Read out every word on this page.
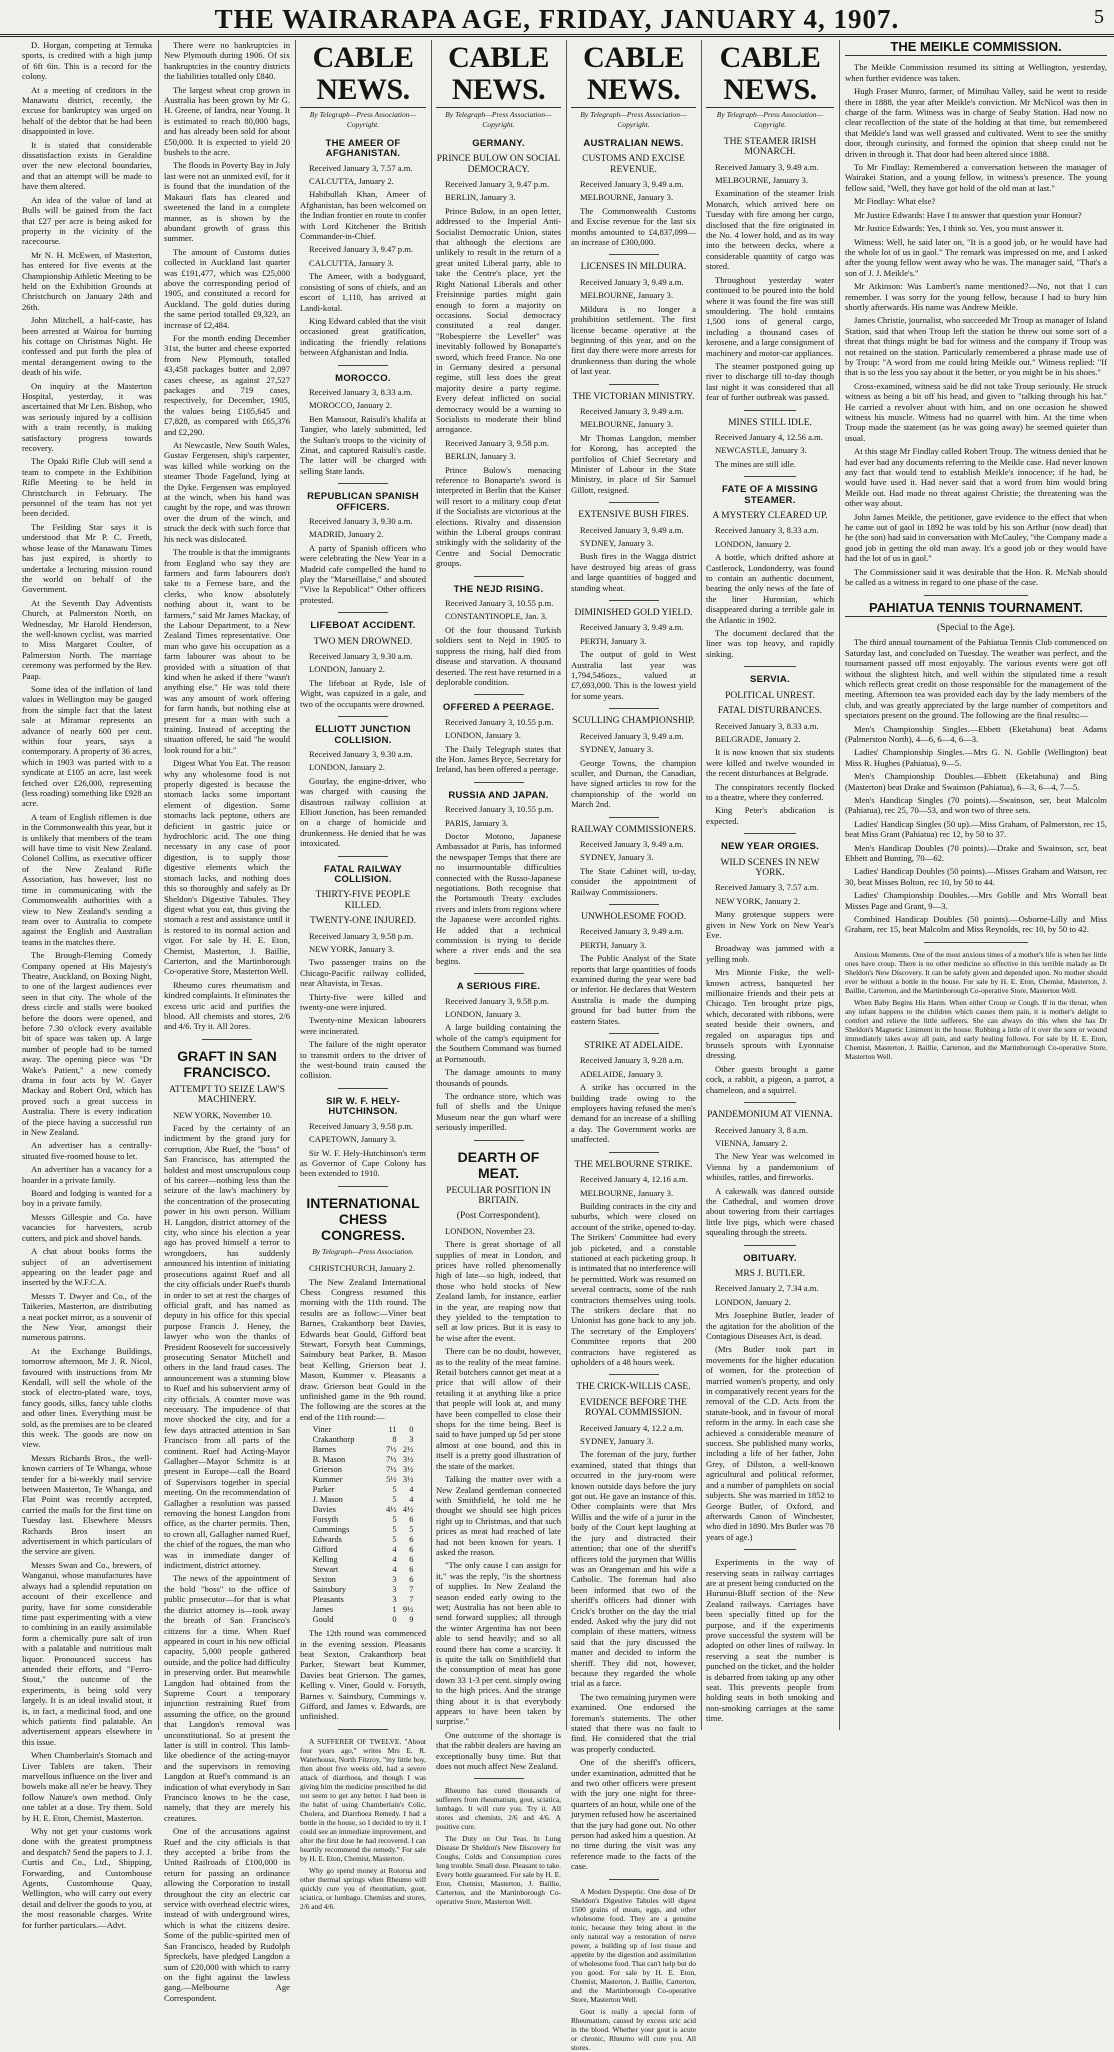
THE WAIRARAPA AGE, FRIDAY, JANUARY 4, 1907.	5

D. Horgan, competing at Temuka sports, is credited with a high jump of 6ft 6in. This is a record for the colony.

At a meeting of creditors in the Manawatu district, recently, the excuse for bankruptcy was urged on behalf of the debtor that he had been disappointed in love.

It is stated that considerable dissatisfaction exists in Geraldine over the new electoral boundaries, and that an attempt will be made to have them altered.

An idea of the value of land at Bulls will be gained from the fact that £27 per acre is being asked for property in the vicinity of the racecourse.

Mr N. H. McEwen, of Masterton, has entered for five events at the Championship Athletic Meeting to be held on the Exhibition Grounds at Christchurch on January 24th and 26th.

John Mitchell, a half-caste, has been arrested at Wairoa for burning his cottage on Christmas Night. He confessed and put forth the plea of mental derangement owing to the death of his wife.

On inquiry at the Masterton Hospital, yesterday, it was ascertained that Mr Len. Bishop, who was seriously injured by a collision with a train recently, is making satisfactory progress towards recovery.

The Opaki Rifle Club will send a team to compete in the Exhibition Rifle Meeting to be held in Christchurch in February. The personnel of the team has not yet been decided.

The Feilding Star says it is understood that Mr P. C. Freeth, whose lease of the Manawatu Times has just expired, is shortly to undertake a lecturing mission round the world on behalf of the Government.

At the Seventh Day Adventists Church, at Palmerston North, on Wednesday, Mr Harold Henderson, the well-known cyclist, was married to Miss Margaret Coulter, of Palmerston North. The marriage ceremony was performed by the Rev. Paap.

Some idea of the inflation of land values in Wellington may be gauged from the simple fact that the latest sale at Miramar represents an advance of nearly 600 per cent. within four years, says a contemporary. A property of 36 acres, which in 1903 was parted with to a syndicate at £105 an acre, last week fetched over £26,000, representing (less roading) something like £928 an acre.

A team of English riflemen is due in the Commonwealth this year, but it is unlikely that members of the team will have time to visit New Zealand. Colonel Collins, as executive officer of the New Zealand Rifle Association, has however, lost no time in communicating with the Commonwealth authorities with a view to New Zealand's sending a team over to Australia to compete against the English and Australian teams in the matches there.

The Brough-Fleming Comedy Company opened at His Majesty's Theatre, Auckland, on Boxing Night, to one of the largest audiences ever seen in that city. The whole of the dress circle and stalls were booked before the doors were opened, and before 7.30 o'clock every available bit of space was taken up. A large number of people had to be turned away. The opening piece was "Dr Wake's Patient," a new comedy drama in four acts by W. Gayer Mackay and Robert Ord, which has proved such a great success in Australia. There is every indication of the piece having a successful run in New Zealand.

An advertiser has a centrally-situated five-roomed house to let.

An advertiser has a vacancy for a boarder in a private family.

Board and lodging is wanted for a boy in a private family.

Messrs Gillespie and Co. have vacancies for harvesters, scrub cutters, and pick and shovel hands.

A chat about books forms the subject of an advertisement appearing on the leader page and inserted by the W.F.C.A.

Messrs T. Dwyer and Co., of the Taikeries, Masterton, are distributing a neat pocket mirror, as a souvenir of the New Year, amongst their numerous patrons.

At the Exchange Buildings, tomorrow afternoon, Mr J. R. Nicol, favoured with instructions from Mr Kendall, will sell the whole of the stock of electro-plated ware, toys, fancy goods, silks, fancy table cloths and other lines. Everything must be sold, as the premises are to be cleared this week. The goods are now on view.

Messrs Richards Bros., the well-known carriers of Te Whanga, whose tender for a bi-weekly mail service between Masterton, Te Whanga, and Flat Point was recently accepted, carried the mails for the first time on Tuesday last. Elsewhere Messrs Richards Bros insert an advertisement in which particulars of the service are given.

Messrs Swan and Co., brewers, of Wanganui, whose manufactures have always had a splendid reputation on account of their excellence and purity, have for some considerable time past experimenting with a view to combining in an easily assimilable form a chemically pure salt of iron with a palatable and nutritious malt liquor. Pronounced success has attended their efforts, and "Ferro-Stout," the outcome of the experiments, is being sold very largely. It is an ideal invalid stout, it is, in fact, a medicinal food, and one which patients find palatable. An advertisement appears elsewhere in this issue.

When Chamberlain's Stomach and Liver Tablets are taken. Their marvellous influence on the liver and bowels make all ne'er be heavy. They follow Nature's own method. Only one tablet at a dose. Try them. Sold by H. E. Eton, Chemist, Masterton.

Why not get your customs work done with the greatest promptness and despatch? Send the papers to J. J. Curtis and Co., Ltd., Shipping, Forwarding, and Customhouse Agents, Customhouse Quay, Wellington, who will carry out every detail and deliver the goods to you, at the most reasonable charges. Write for further particulars.—Advt.

There were no bankruptcies in New Plymouth during 1906. Of six bankruptcies in the country districts the liabilities totalled only £840.

The largest wheat crop grown in Australia has been grown by Mr G. H. Greene, of Iandra, near Young. It is estimated to reach 80,000 bags, and has already been sold for about £50,000. It is expected to yield 20 bushels to the acre.

The floods in Poverty Bay in July last were not an unmixed evil, for it is found that the inundation of the Makauri flats has cleared and sweetened the land in a complete manner, as is shown by the abundant growth of grass this summer.

The amount of Customs duties collected in Auckland last quarter was £191,477, which was £25,000 above the corresponding period of 1905, and constituted a record for Auckland. The gold duties during the same period totalled £9,323, an increase of £2,484.

For the month ending December 31st, the butter and cheese exported from New Plymouth, totalled 43,458 packages butter and 2,097 cases cheese, as against 27,527 packages and 719 cases, respectively, for December, 1905, the values being £105,645 and £7,828, as compared with £65,376 and £2,290.

At Newcastle, New South Wales, Gustav Fergensen, ship's carpenter, was killed while working on the steamer Thode Fagelund, lying at the Dyke. Fergensen was employed at the winch, when his hand was caught by the rope, and was thrown over the drum of the winch, and struck the deck with such force that his neck was dislocated.

The trouble is that the immigrants from England who say they are farmers and farm labourers don't take to a Fernese bare, and the clerks, who know absolutely nothing about it, want to be farmers," said Mr James Mackay, of the Labour Department, to a New Zealand Times representative. One man who gave his occupation as a farm labourer was about to be provided with a situation of that kind when he asked if there "wasn't anything else." He was told there was any amount of work offering for farm hands, but nothing else at present for a man with such a training. Instead of accepting the situation offered, he said "he would look round for a bit."

Digest What You Eat. The reason why any wholesome food is not properly digested is because the stomach lacks some important element of digestion. Some stomachs lack peptone, others are deficient in gastric juice or hydrochloric acid. The one thing necessary in any case of poor digestion, is to supply those digestive elements which the stomach lacks, and nothing does this so thoroughly and safely as Dr Sheldon's Digestive Tabules. They digest what you eat, thus giving the stomach a rest and assistance until it is restored to its normal action and vigor. For sale by H. E. Eton, Chemist, Masterton, J. Baillie, Carterton, and the Martinborough Co-operative Store, Masterton Well.

Rheumo cures rheumatism and kindred complaints. It eliminates the excess uric acid and purifies the blood. All chemists and stores, 2/6 and 4/6. Try it. All 2ores.

GRAFT IN SAN FRANCISCO.
ATTEMPT TO SEIZE LAW'S MACHINERY.

NEW YORK, November 10.

Faced by the certainty of an indictment by the grand jury for corruption, Abe Ruef, the "boss" of San Francisco, has attempted the boldest and most unscrupulous coup of his career—nothing less than the seizure of the law's machinery by the concentration of the prosecuting power in his own person. William H. Langdon, district attorney of the city, who since his election a year ago has proved himself a terror to wrongdoers, has suddenly announced his intention of initiating prosecutions against Ruef and all the city officials under Ruef's thumb in order to set at rest the charges of official graft, and has named as deputy in his office for this special purpose Francis J. Heney, the lawyer who won the thanks of President Roosevelt for successively prosecuting Senator Mitchell and others in the land fraud cases. The announcement was a stunning blow to Ruef and his subservient army of city officials. A counter move was necessary. The impudence of that move shocked the city, and for a few days attracted attention in San Francisco from all parts of the continent. Ruef had Acting-Mayor Gallagher—Mayor Schmitz is at present in Europe—call the Board of Supervisors together in special meeting. On the recommendation of Gallagher a resolution was passed removing the honest Langdon from office, as the charter permits. Then, to crown all, Gallagher named Ruef, the chief of the rogues, the man who was in immediate danger of indictment, district attorney.

The news of the appointment of the bold "boss" to the office of public prosecutor—for that is what the district attorney is—took away the breath of San Francisco's citizens for a time. When Ruef appeared in court in his new official capacity, 5,000 people gathered outside, and the police had difficulty in preserving order. But meanwhile Langdon had obtained from the Supreme Court a temporary injunction restraining Ruef from assuming the office, on the ground that Langdon's removal was unconstitutional. So at present the latter is still in control. This lamb-like obedience of the acting-mayor and the supervisors in removing Langdon at Ruef's command is an indication of what everybody in San Francisco knows to be the case, namely, that they are merely his creatures.

One of the accusations against Ruef and the city officials is that they accepted a bribe from the United Railroads of £100,000 in return for passing an ordinance allowing the Corporation to install throughout the city an electric car service with overhead electric wires, instead of with underground wires, which is what the citizens desire. Some of the public-spirited men of San Francisco, headed by Rudolph Spreckels, have pledged Langdon a sum of £20,000 with which to carry on the fight against the lawless gang.—Melbourne Age Correspondent.

CABLE NEWS.
By Telegraph—Press Association—Copyright.
THE AMEER OF AFGHANISTAN.

Received January 3, 7.57 a.m.

CALCUTTA, January 2.

Habibullah Khan, Ameer of Afghanistan, has been welcomed on the Indian frontier en route to confer with Lord Kitchener the British Commander-in-Chief.

Received January 3, 9.47 p.m.

CALCUTTA, January 3.

The Ameer, with a bodyguard, consisting of sons of chiefs, and an escort of 1,110, has arrived at Landi-kotal.

King Edward cabled that the visit occasioned great gratification, indicating the friendly relations between Afghanistan and India.

MOROCCO.

Received January 3, 8.33 a.m.

MOROCCO, January 2.

Ben Mansour, Raisuli's khalifa at Tangier, who lately submitted, led the Sultan's troops to the vicinity of Zinat, and captured Raisuli's castle. The latter will be charged with selling State lands.

REPUBLICAN SPANISH OFFICERS.

Received January 3, 9.30 a.m.

MADRID, January 2.

A party of Spanish officers who were celebrating the New Year in a Madrid cafe compelled the band to play the "Marseillaise," and shouted "Vive la Republica!" Other officers protested.

LIFEBOAT ACCIDENT.
TWO MEN DROWNED.

Received January 3, 9.30 a.m.

LONDON, January 2.

The lifeboat at Ryde, Isle of Wight, was capsized in a gale, and two of the occupants were drowned.

ELLIOTT JUNCTION COLLISION.

Received January 3, 9.30 a.m.

LONDON, January 2.

Gourlay, the engine-driver, who was charged with causing the disastrous railway collision at Elliott Junction, has been remanded on a charge of homicide and drunkenness. He denied that he was intoxicated.

FATAL RAILWAY COLLISION.
THIRTY-FIVE PEOPLE KILLED.
TWENTY-ONE INJURED.

Received January 3, 9.58 p.m.

NEW YORK, January 3.

Two passenger trains on the Chicago-Pacific railway collided, near Altavista, in Texas.

Thirty-five were killed and twenty-one were injured.

Twenty-nine Mexican labourers were incinerated.

The failure of the night operator to transmit orders to the driver of the west-bound train caused the collision.

SIR W. F. HELY-HUTCHINSON.

Received January 3, 9.58 p.m.

CAPETOWN, January 3.

Sir W. F. Hely-Hutchinson's term as Governor of Cape Colony has been extended to 1910.

INTERNATIONAL CHESS CONGRESS.
By Telegraph—Press Association.

CHRISTCHURCH, January 2.

The New Zealand International Chess Congress resumed this morning with the 11th round. The results are as follow:—Viner beat Barnes, Crakanthorp beat Davies, Edwards beat Gould, Gifford beat Stewart, Forsyth beat Cummings, Sainsbury beat Parker, B. Mason beat Kelling, Grierson beat J. Mason, Kummer v. Pleasants a draw. Grierson beat Gould in the unfinished game in the 9th round. The following are the scores at the end of the 11th round:—

Viner	11	0
Crakanthorp	8	3
Barnes	7½	2½
B. Mason	7½	3½
Grierson	7½	3½
Kummer	5½	3½
Parker	5	4
J. Mason	5	4
Davies	4½	4½
Forsyth	5	6
Cummings	5	5
Edwards	5	6
Gifford	4	6
Kelling	4	6
Stewart	4	6
Sexton	3	6
Sainsbury	3	7
Pleasants	3	7
James	1	9½
Gould	0	9

The 12th round was commenced in the evening session. Pleasants beat Sexton, Crakanthorp beat Parker, Stewart beat Kummer, Davies beat Grierson. The games, Kelling v. Viner, Gould v. Forsyth, Barnes v. Sainsbury, Cummings v. Gifford, and James v. Edwards, are unfinished.

A SUFFERER OF TWELVE. "About four years ago," writes Mrs E. R. Waterhouse, North Fitzroy, "my little boy, then about five weeks old, had a severe attack of diarrhoea, and though I was giving him the medicine prescribed he did not seem to get any better. I had been in the habit of using Chamberlain's Colic, Cholera, and Diarrhoea Remedy. I had a bottle in the house, so I decided to try it. I could see an immediate improvement, and after the first dose he had recovered. I can heartily recommend the remedy." For sale by H. E. Eton, Chemist, Masterton.

Why go spend money at Rotorua and other thermal springs when Rheumo will quickly cure you of rheumatism, gout, sciatica, or lumbago. Chemists and stores, 2/6 and 4/6.

CABLE NEWS.
By Telegraph—Press Association—Copyright.
GERMANY.
PRINCE BULOW ON SOCIAL DEMOCRACY.

Received January 3, 9.47 p.m.

BERLIN, January 3.

Prince Bulow, in an open letter, addressed to the Imperial Anti-Socialist Democratic Union, states that although the elections are unlikely to result in the return of a great united Liberal party, able to take the Centre's place, yet the Right National Liberals and other Freisinnige parties might gain enough to form a majority on occasions. Social democracy constituted a real danger. "Robespierre the Leveller" was inevitably followed by Bonaparte's sword, which freed France. No one in Germany desired a personal regime, still less does the great majority desire a party regime. Every defeat inflicted on social democracy would be a warning to Socialists to moderate their blind arrogance.

Received January 3, 9.58 p.m.

BERLIN, January 3.

Prince Bulow's menacing reference to Bonaparte's sword is interpreted in Berlin that the Kaiser will resort to a military coup d'etat if the Socialists are victorious at the elections. Rivalry and dissension within the Liberal groups contrast strikingly with the solidarity of the Centre and Social Democratic groups.

THE NEJD RISING.

Received January 3, 10.55 p.m.

CONSTANTINOPLE, Jan. 3.

Of the four thousand Turkish soldiers sent to Nejd in 1905 to suppress the rising, half died from disease and starvation. A thousand deserted. The rest have returned in a deplorable condition.

OFFERED A PEERAGE.

Received January 3, 10.55 p.m.

LONDON, January 3.

The Daily Telegraph states that the Hon. James Bryce, Secretary for Ireland, has been offered a peerage.

RUSSIA AND JAPAN.

Received January 3, 10.55 p.m.

PARIS, January 3.

Doctor Motono, Japanese Ambassador at Paris, has informed the newspaper Temps that there are no insurmountable difficulties connected with the Russo-Japanese negotiations. Both recognise that the Portsmouth Treaty excludes rivers and inlets from regions where the Japanese were accorded rights. He added that a technical commission is trying to decide where a river ends and the sea begins.

A SERIOUS FIRE.

Received January 3, 9.58 p.m.

LONDON, January 3.

A large building containing the whole of the camp's equipment for the Southern Command was burned at Portsmouth.

The damage amounts to many thousands of pounds.

The ordnance store, which was full of shells and the Unique Museum near the gun wharf were seriously imperilled.

DEARTH OF MEAT.
PECULIAR POSITION IN BRITAIN.
(Post Correspondent).

LONDON, November 23.

There is great shortage of all supplies of meat in London, and prices have rolled phenomenally high of late—so high, indeed, that those who hold stocks of New Zealand lamb, for instance, earlier in the year, are reaping now that they yielded to the temptation to sell at low prices. But it is easy to be wise after the event.

There can be no doubt, however, as to the reality of the meat famine. Retail butchers cannot get meat at a price that will allow of their retailing it at anything like a price that people will look at, and many have been compelled to close their shops for the time being. Beef is said to have jumped up 5d per stone almost at one bound, and this in itself is a pretty good illustration of the state of the market.

Talking the matter over with a New Zealand gentleman connected with Smithfield, he told me he thought we should see high prices right up to Christmas, and that such prices as meat had reached of late had not been known for years. I asked the reason.

"The only cause I can assign for it," was the reply, "is the shortness of supplies. In New Zealand the season ended early owing to the wet; Australia has not been able to send forward supplies; all through the winter Argentina has not been able to send heavily; and so all round there has come a scarcity. It is quite the talk on Smithfield that the consumption of meat has gone down 33 1-3 per cent. simply owing to the high prices. And the strange thing about it is that everybody appears to have been taken by surprise."

One outcome of the shortage is that the rabbit dealers are having an exceptionally busy time. But that does not much affect New Zealand.

Rheumo has cured thousands of sufferers from rheumatism, gout, sciatica, lumbago. It will cure you. Try it. All stores and chemists, 2/6 and 4/6. A positive cure.

The Duty on Our Teas. In Lung Disease Dr Sheldon's New Discovery for Coughs, Colds and Consumption cures lung trouble. Small dose. Pleasant to take. Every bottle guaranteed. For sale by H. E. Eton, Chemist, Masterton, J. Baillie, Carterton, and the Martinborough Co-operative Store, Masterton Well.

CABLE NEWS.
By Telegraph—Press Association—Copyright.
AUSTRALIAN NEWS.
CUSTOMS AND EXCISE REVENUE.

Received January 3, 9.49 a.m.

MELBOURNE, January 3.

The Commonwealth Customs and Excise revenue for the last six months amounted to £4,837,099—an increase of £300,000.

LICENSES IN MILDURA.

Received January 3, 9.49 a.m.

MELBOURNE, January 3.

Mildura is no longer a prohibition settlement. The first license became operative at the beginning of this year, and on the first day there were more arrests for drunkenness than during the whole of last year.

THE VICTORIAN MINISTRY.

Received January 3, 9.49 a.m.

MELBOURNE, January 3.

Mr Thomas Langdon, member for Korong, has accepted the portfolios of Chief Secretary and Minister of Labour in the State Ministry, in place of Sir Samuel Gillott, resigned.

EXTENSIVE BUSH FIRES.

Received January 3, 9.49 a.m.

SYDNEY, January 3.

Bush fires in the Wagga district have destroyed big areas of grass and large quantities of bagged and standing wheat.

DIMINISHED GOLD YIELD.

Received January 3, 9.49 a.m.

PERTH, January 3.

The output of gold in West Australia last year was 1,794,546ozs., valued at £7,693,000. This is the lowest yield for some years.

SCULLING CHAMPIONSHIP.

Received January 3, 9.49 a.m.

SYDNEY, January 3.

George Towns, the champion sculler, and Durnan, the Canadian, have signed articles to row for the championship of the world on March 2nd.

RAILWAY COMMISSIONERS.

Received January 3, 9.49 a.m.

SYDNEY, January 3.

The State Cabinet will, to-day, consider the appointment of Railway Commissioners.

UNWHOLESOME FOOD.

Received January 3, 9.49 a.m.

PERTH, January 3.

The Public Analyst of the State reports that large quantities of foods examined during the year were bad or inferior. He declares that Western Australia is made the dumping ground for bad butter from the eastern States.

STRIKE AT ADELAIDE.

Received January 3, 9.28 a.m.

ADELAIDE, January 3.

A strike has occurred in the building trade owing to the employers having refused the men's demand for an increase of a shilling a day. The Government works are unaffected.

THE MELBOURNE STRIKE.

Received January 4, 12.16 a.m.

MELBOURNE, January 3.

Building contracts in the city and suburbs, which were closed on account of the strike, opened to-day. The Strikers' Committee had every job picketed, and a constable stationed at each picketing group. It is intimated that no interference will be permitted. Work was resumed on several contracts, some of the rush contractors themselves using tools. The strikers declare that no Unionist has gone back to any job. The secretary of the Employers' Committee reports that 200 contractors have registered as upholders of a 48 hours week.

THE CRICK-WILLIS CASE.
EVIDENCE BEFORE THE ROYAL COMMISSION.

Received January 4, 12.2 a.m.

SYDNEY, January 3.

The foreman of the jury, further examined, stated that things that occurred in the jury-room were known outside days before the jury got out. He gave an instance of this. Other complaints were that Mrs Willis and the wife of a juror in the body of the Court kept laughing at the jury and distracted their attention; that one of the sheriff's officers told the jurymen that Willis was an Orangeman and his wife a Catholic. The foreman had also been informed that two of the sheriff's officers had dinner with Crick's brother on the day the trial ended. Asked why the jury did not complain of these matters, witness said that the jury discussed the matter and decided to inform the sheriff. They did not, however, because they regarded the whole trial as a farce.

The two remaining jurymen were examined. One endorsed the foreman's statements. The other stated that there was no fault to find. He considered that the trial was properly conducted.

One of the sheriff's officers, under examination, admitted that he and two other officers were present with the jury one night for three-quarters of an hour, while one of the jurymen refused how he ascertained that the jury had gone out. No other person had asked him a question. At no time during the visit was any reference made to the facts of the case.

A Modern Dyspeptic. One dose of Dr Sheldon's Digestive Tabules will digest 1500 grains of meats, eggs, and other wholesome food. They are a genuine tonic, because they bring about in the only natural way a restoration of nerve power, a building up of lost tissue and appetite by the digestion and assimilation of wholesome food. That can't help but do you good. For sale by H. E. Eton, Chemist, Masterton, J. Baillie, Carterton, and the Martinborough Co-operative Store, Masterton Well.

Gout is really a special form of Rheumatism, caused by excess uric acid in the blood. Whether your gout is acute or chronic, Rheumo will cure you. All stores.

CABLE NEWS.
By Telegraph—Press Association—Copyright.
THE STEAMER IRISH MONARCH.

Received January 3, 9.49 a.m.

MELBOURNE, January 3.

Examination of the steamer Irish Monarch, which arrived here on Tuesday with fire among her cargo, disclosed that the fire originated in the No. 4 lower hold, and as its way into the between decks, where a considerable quantity of cargo was stored.

Throughout yesterday water continued to be poured into the hold where it was found the fire was still smouldering. The hold contains 1,500 tons of general cargo, including a thousand cases of kerosene, and a large consignment of machinery and motor-car appliances.

The steamer postponed going up river to discharge till to-day though last night it was considered that all fear of further outbreak was passed.

MINES STILL IDLE.

Received January 4, 12.56 a.m.

NEWCASTLE, January 3.

The mines are still idle.

FATE OF A MISSING STEAMER.
A MYSTERY CLEARED UP.

Received January 3, 8.33 a.m.

LONDON, January 2.

A bottle, which drifted ashore at Castlerock, Londonderry, was found to contain an authentic document, bearing the only news of the fate of the liner Huronian, which disappeared during a terrible gale in the Atlantic in 1902.

The document declared that the liner was top heavy, and rapidly sinking.

SERVIA.
POLITICAL UNREST.
FATAL DISTURBANCES.

Received January 3, 8.33 a.m.

BELGRADE, January 2.

It is now known that six students were killed and twelve wounded in the recent disturbances at Belgrade.

The conspirators recently flocked to a theatre, where they conferred.

King Peter's abdication is expected.

NEW YEAR ORGIES.
WILD SCENES IN NEW YORK.

Received January 3, 7.57 a.m.

NEW YORK, January 2.

Many grotesque suppers were given in New York on New Year's Eve.

Broadway was jammed with a yelling mob.

Mrs Minnie Fiske, the well-known actress, banqueted her millionaire friends and their pets at Chicago. Ten brought prize pigs, which, decorated with ribbons, were seated beside their owners, and regaled on asparagus tips and brussels sprouts with Lyonnaise dressing.

Other guests brought a game cock, a rabbit, a pigeon, a parrot, a chameleon, and a squirrel.

PANDEMONIUM AT VIENNA.

Received January 3, 8 a.m.

VIENNA, January 2.

The New Year was welcomed in Vienna by a pandemonium of whistles, rattles, and fireworks.

A cakewalk was danced outside the Cathedral, and women drove about towering from their carriages little live pigs, which were chased squealing through the streets.

OBITUARY.
MRS J. BUTLER.

Received January 2, 7.34 a.m.

LONDON, January 2.

Mrs Josephine Butler, leader of the agitation for the abolition of the Contagious Diseases Act, is dead.

(Mrs Butler took part in movements for the higher education of women, for the protection of married women's property, and only in comparatively recent years for the removal of the C.D. Acts from the statute-book, and in favour of moral reform in the army. In each case she achieved a considerable measure of success. She published many works, including a life of her father, John Grey, of Dilston, a well-known agricultural and political reformer, and a number of pamphlets on social subjects. She was married in 1852 to George Butler, of Oxford, and afterwards Canon of Winchester, who died in 1890. Mrs Butler was 78 years of age.)

Experiments in the way of reserving seats in railway carriages are at present being conducted on the Hurunui-Bluff section of the New Zealand railways. Carriages have been specially fitted up for the purpose, and if the experiments prove successful the system will be adopted on other lines of railway. In reserving a seat the number is punched on the ticket, and the holder is debarred from taking up any other seat. This prevents people from holding seats in both smoking and non-smoking carriages at the same time.

THE MEIKLE COMMISSION.

The Meikle Commission resumed its sitting at Wellington, yesterday, when further evidence was taken.

Hugh Fraser Munro, farmer, of Mimihau Valley, said he went to reside there in 1888, the year after Meikle's conviction. Mr McNicol was then in charge of the farm. Witness was in charge of Seaby Station. Had now no clear recollection of the state of the holding at that time, but remembered that Meikle's land was well grassed and cultivated. Went to see the smithy door, through curiosity, and formed the opinion that sheep could not be driven in through it. That door had been altered since 1888.

To Mr Findlay: Remembered a conversation between the manager of Wairakei Station, and a young fellow, in witness's presence. The young fellow said, "Well, they have got hold of the old man at last."

Mr Findlay: What else?

Mr Justice Edwards: Have I to answer that question your Honour?

Mr Justice Edwards: Yes, I think so. Yes, you must answer it.

Witness: Well, he said later on, "It is a good job, or he would have had the whole lot of us in gaol." The remark was impressed on me, and I asked after the young fellow went away who he was. The manager said, "That's a son of J. J. Meikle's."

Mr Atkinson: Was Lambert's name mentioned?—No, not that I can remember. I was sorry for the young fellow, because I had to bury him shortly afterwards. His name was Andrew Meikle.

James Christie, journalist, who succeeded Mr Troup as manager of Island Station, said that when Troup left the station he threw out some sort of a threat that things might be bad for witness and the company if Troup was not retained on the station. Particularly remembered a phrase made use of by Troup: "A word from me could bring Meikle out." Witness replied: "If that is so the less you say about it the better, or you might be in his shoes."

Cross-examined, witness said he did not take Troup seriously. He struck witness as being a bit off his head, and given to "talking through his hat." He carried a revolver about with him, and on one occasion he showed witness his muscle. Witness had no quarrel with him. At the time when Troup made the statement (as he was going away) he seemed quieter than usual.

At this stage Mr Findlay called Robert Troup. The witness denied that he had ever had any documents referring to the Meikle case. Had never known any fact that would tend to establish Meikle's innocence; if he had, he would have used it. Had never said that a word from him would bring Meikle out. Had made no threat against Christie; the threatening was the other way about.

John James Meikle, the petitioner, gave evidence to the effect that when he came out of gaol in 1892 he was told by his son Arthur (now dead) that he (the son) had said in conversation with McCauley, "the Company made a good job in getting the old man away. It's a good job or they would have had the lot of us in gaol."

The Commissioner said it was desirable that the Hon. R. McNab should be called as a witness in regard to one phase of the case.

PAHIATUA TENNIS TOURNAMENT.
(Special to the Age).

The third annual tournament of the Pahiatua Tennis Club commenced on Saturday last, and concluded on Tuesday. The weather was perfect, and the tournament passed off most enjoyably. The various events were got off without the slightest hitch, and well within the stipulated time a result which reflects great credit on those responsible for the management of the meeting. Afternoon tea was provided each day by the lady members of the club, and was greatly appreciated by the large number of competitors and spectators present on the ground. The following are the final results:—

Men's Championship Singles.—Ebbett (Eketahuna) beat Adams (Palmerston North), 4—6, 6—4, 6—3.

Ladies' Championship Singles.—Mrs G. N. Goblle (Wellington) beat Miss R. Hughes (Pahiatua), 9—5.

Men's Championship Doubles.—Ebbett (Eketahuna) and Bing (Masterton) beat Drake and Swainson (Pahiatua), 6—3, 6—4, 7—5.

Men's Handicap Singles (70 points).—Swainson, ser, beat Malcolm (Pahiatua), rec 25, 70—53, and won two of three sets.

Ladies' Handicap Singles (50 up).—Miss Graham, of Palmerston, rec 15, beat Miss Grant (Pahiatua) rec 12, by 50 to 37.

Men's Handicap Doubles (70 points).—Drake and Swainson, scr, beat Ebbett and Bunting, 70—62.

Ladies' Handicap Doubles (50 points).—Misses Graham and Watson, rec 30, beat Misses Bolton, rec 10, by 50 to 44.

Ladies' Championship Doubles.—Mrs Goblle and Mrs Worrall beat Misses Page and Grant, 9—3.

Combined Handicap Doubles (50 points).—Osborne-Lilly and Miss Graham, rec 15, beat Malcolm and Miss Reynolds, rec 10, by 50 to 42.

Anxious Moments. One of the most anxious times of a mother's life is when her little ones have croup. There is no other medicine so effective in this terrible malady as Dr Sheldon's New Discovery. It can be safely given and depended upon. No mother should ever be without a bottle in the house. For sale by H. E. Eton, Chemist, Masterton, J. Baillie, Carterton, and the Martinborough Co-operative Store, Masterton Well.

When Baby Begins His Harm. When either Croup or Cough. If in the throat, when any infant happens to the children which causes them pain, it is mother's delight to comfort and relieve the little sufferers. She can always do this when she has Dr Sheldon's Magnetic Liniment in the house. Rubbing a little of it over the sore or wound immediately takes away all pain, and early healing follows. For sale by H. E. Eton, Chemist, Masterton, J. Baillie, Carterton, and the Martinborough Co-operative Store, Masterton Well.
